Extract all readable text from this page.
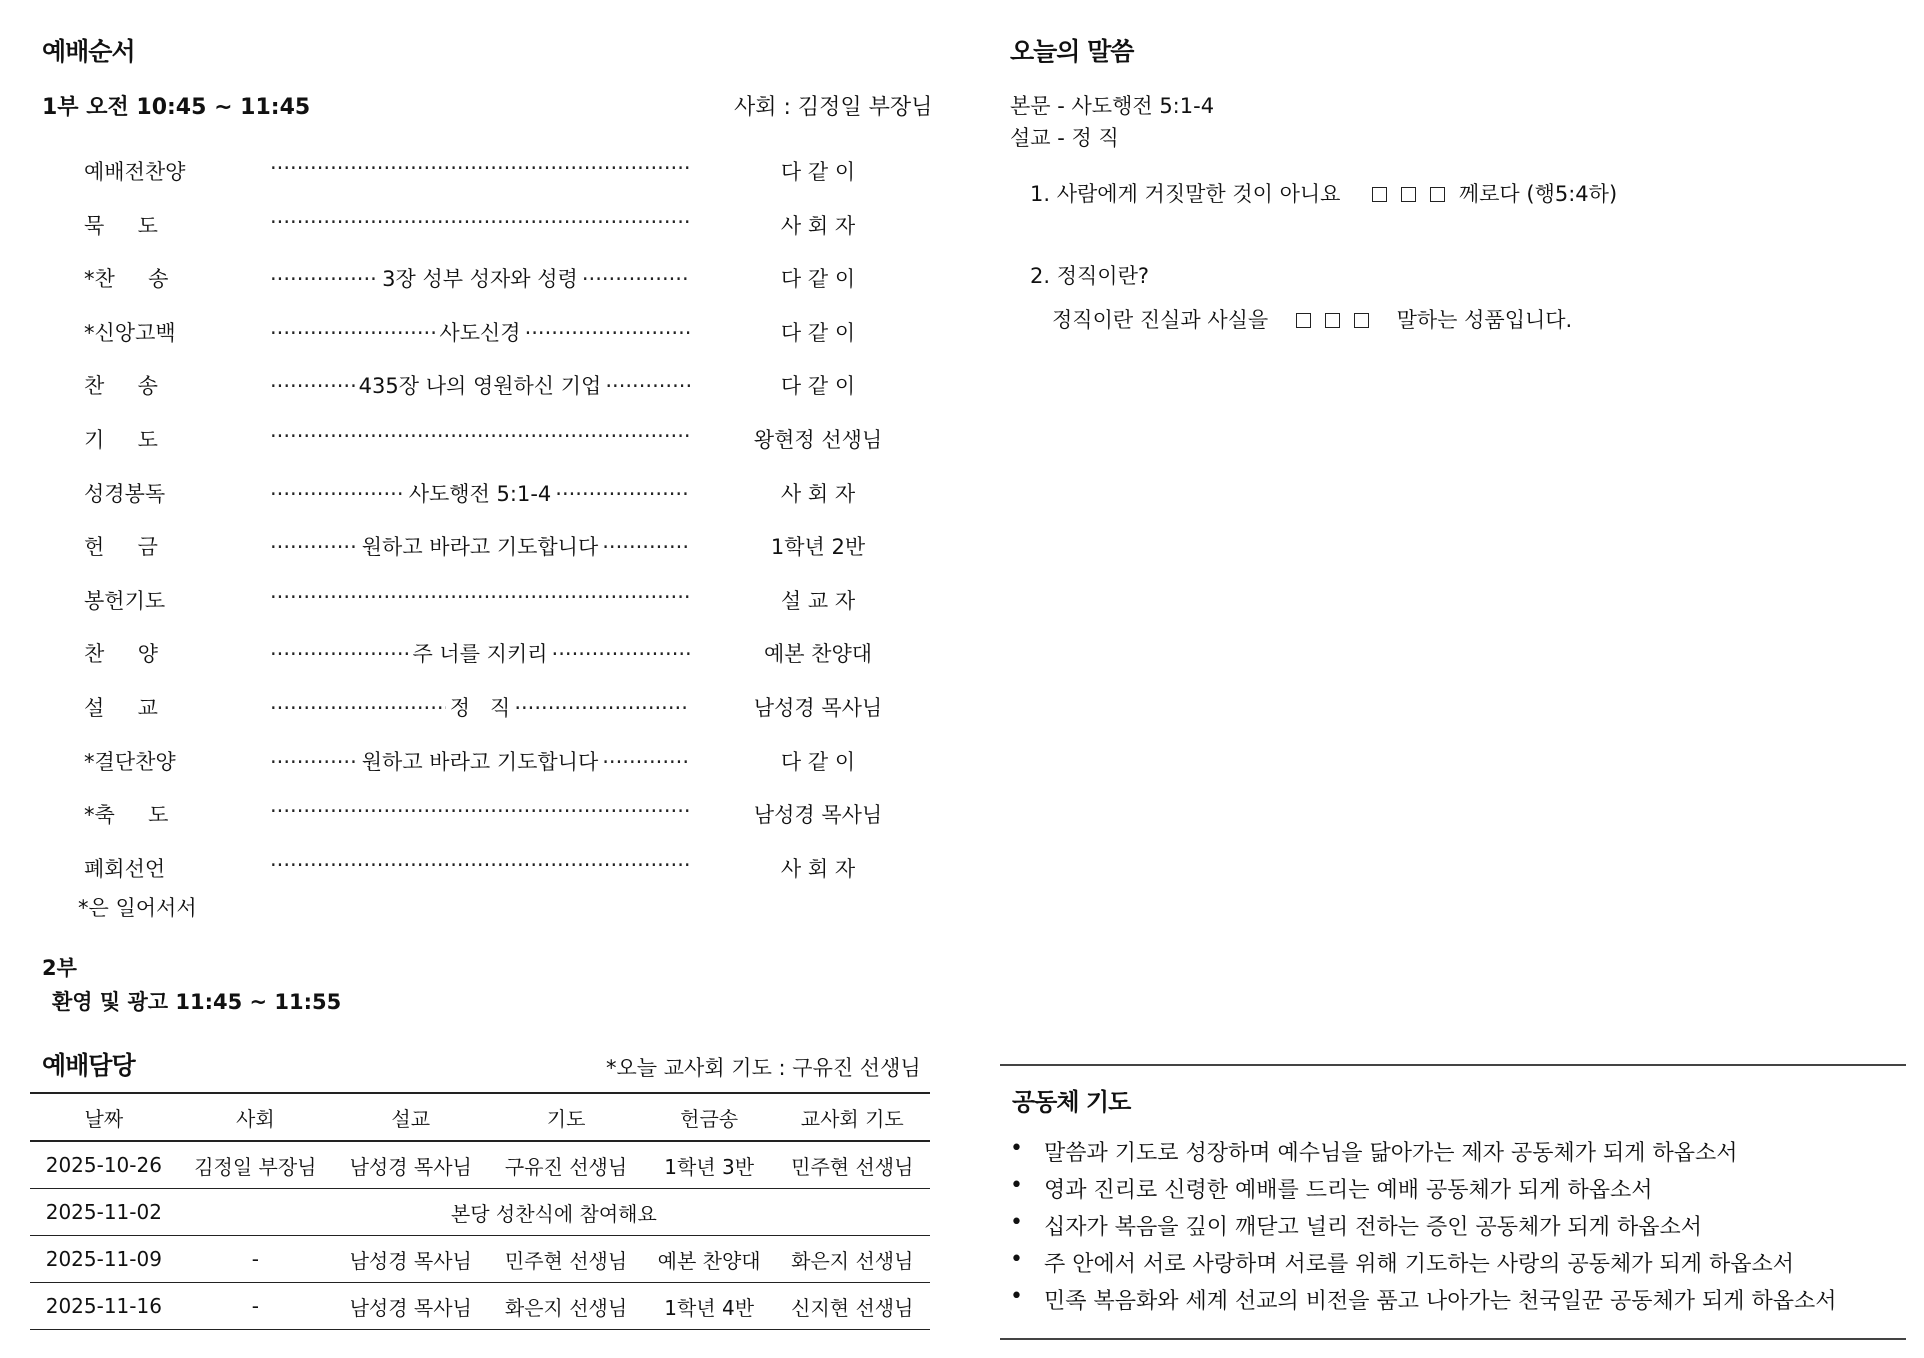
예배순서
1부 오전 10:45 ~ 11:45	사회 : 김정일 부장님
예배전찬양 ·····	다 같 이
묵     도 ·····	사 회 자
*찬     송 ·····	3장 성부 성자와 성령 ·····	다 같 이
*신앙고백 ·····	사도신경 ·····	다 같 이
찬     송 ·····	435장 나의 영원하신 기업 ·····	다 같 이
기     도 ·····	왕현정 선생님
성경봉독 ·····	사도행전 5:1-4 ·····	사 회 자
헌     금 ·····	원하고 바라고 기도합니다 ·····	1학년 2반
봉헌기도 ·····	설 교 자
찬     양 ·····	주 너를 지키리 ·····	예본 찬양대
설     교 ·····	정   직 ·····	남성경 목사님
*결단찬양 ·····	원하고 바라고 기도합니다 ·····	다 같 이
*축     도 ·····	남성경 목사님
폐회선언 ·····	사 회 자
*은 일어서서
2부
환영 및 광고 11:45 ~ 11:55
예배담당	*오늘 교사회 기도 : 구유진 선생님
날짜	사회	설교	기도	헌금송	교사회 기도
2025-10-26	김정일 부장님	남성경 목사님	구유진 선생님	1학년 3반	민주현 선생님
2025-11-02	본당 성찬식에 참여해요				
2025-11-09	-	남성경 목사님	민주현 선생님	예본 찬양대	화은지 선생님
2025-11-16	-	남성경 목사님	화은지 선생님	1학년 4반	신지현 선생님
오늘의 말씀
본문 - 사도행전 5:1-4
설교 - 정 직
1. 사람에게 거짓말한 것이 아니요	께로다 (행5:4하)
2. 정직이란?
정직이란 진실과 사실을	말하는 성품입니다.
공동체 기도
• 말씀과 기도로 성장하며 예수님을 닮아가는 제자 공동체가 되게 하옵소서
• 영과 진리로 신령한 예배를 드리는 예배 공동체가 되게 하옵소서
• 십자가 복음을 깊이 깨닫고 널리 전하는 증인 공동체가 되게 하옵소서
• 주 안에서 서로 사랑하며 서로를 위해 기도하는 사랑의 공동체가 되게 하옵소서
• 민족 복음화와 세계 선교의 비전을 품고 나아가는 천국일꾼 공동체가 되게 하옵소서
